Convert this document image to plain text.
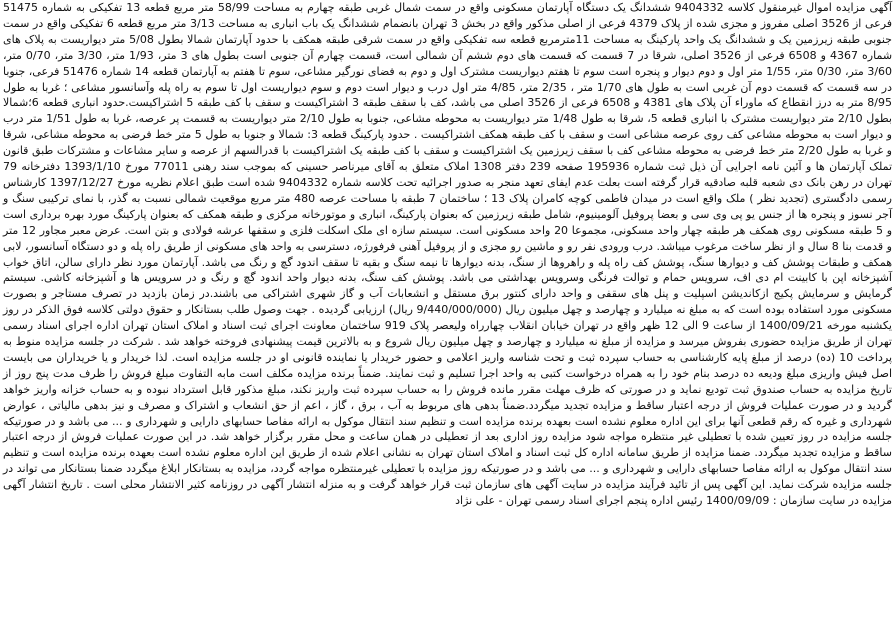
آگهی مزایده اموال غیرمنقول کلاسه 9404332 ششدانگ یک دستگاه آپارتمان مسکونی واقع در سمت شمال غربی طبقه چهارم به مساحت 58/99 متر مربع قطعه 13 تفکیکی به شماره 51475 فرعی از 3526 اصلی مفروز و مجزی شده از پلاک 4379 فرعی از اصلی مذکور واقع در بخش 3 تهران بانضمام ششدانگ یک باب انباری به مساحت 3/13 متر مربع قطعه 6 تفکیکی واقع در سمت جنوبی طبقه زیرزمین یک و ششدانگ یک واحد پارکینگ به مساحت 11مترمربع قطعه سه تفکیکی واقع در سمت شرقی طبقه همکف با حدود آپارتمان شمالا بطول 5/08 متر دیواریست به پلاک های شماره 4367 و 6508 فرعی از 3526 اصلی، شرقا در 7 قسمت که قسمت های دوم ششم آن شمالی است، قسمت چهارم آن جنوبی است بطول های 3 متر، 1/93 متر، 3/30 متر، 0/70 متر، 3/60 متر، 0/30 متر، 1/55 متر اول و دوم دیوار و پنجره است سوم تا هفتم دیواریست مشترک اول و دوم به فضای نورگیر مشاعی، سوم تا هفتم به آپارتمان قطعه 14 شماره 51476 فرعی، جنوبا در سه قسمت که قسمت دوم آن غربی است به طول های 1/70 متر ، 2/35 متر، 4/85 متر اول درب و دیوار است دوم و سوم دیواریست اول تا سوم به راه پله وآسانسور مشاعی ؛ غربا به طول 8/95 متر به درز انقطاع که ماوراء آن پلاک های 4381 و 6508 فرعی از 3526 اصلی می باشد، کف با سقف طبقه 3 اشتراکیست و سقف با کف طبقه 5 اشتراکیست.حدود انباری قطعه 6؛شمالا بطول 2/10 متر دیواریست مشترک با انباری قطعه 5، شرقا به طول 1/48 متر دیواریست به محوطه مشاعی، جنوبا به طول 2/10 متر دیواریست به قسمت پر عرصه، غربا به طول 1/51 متر درب و دیوار است به محوطه مشاعی کف روی عرصه مشاعی است و سقف با کف طبقه همکف اشتراکیست . حدود پارکینگ قطعه 3: شمالا و جنوبا به طول 5 متر خط فرضی به محوطه مشاعی، شرقا و غربا به طول 2/20 متر خط فرضی به محوطه مشاعی کف با سقف زیرزمین یک اشتراکیست و سقف با کف طبقه یک اشتراکیست با قدرالسهم از عرصه و سایر مشاعات و مشترکات طبق قانون تملک آپارتمان ها و آئین نامه اجرایی آن ذیل ثبت شماره 195936 صفحه 239 دفتر 1308 املاک متعلق به آقای میرناصر حسینی که بموجب سند رهنی 77011 مورخ 1393/1/10 دفترخانه 79 تهران در رهن بانک دی شعبه قلبه صادقیه قرار گرفته است بعلت عدم ایفای تعهد منجر به صدور اجرائیه تحت کلاسه شماره 9404332 شده است طبق اعلام نظریه مورخ 1397/12/27 کارشناس رسمی دادگستری (تجدید نظر ) ملک واقع است در میدان فاطمی کوچه کامران پلاک 13 ؛ ساختمان 7 طبقه با مساحت عرصه 480 متر مربع موقعیت شمالی نسبت به گذر، با نمای ترکیبی سنگ و آجر نسوز و پنجره ها از جنس یو پی وی سی و بعضا پروفیل آلومینیوم، شامل طبقه زیرزمین که بعنوان پارکینگ، انباری و موتورخانه مرکزی و طبقه همکف که بعنوان پارکینگ مورد بهره برداری است و 5 طبقه مسکونی روی همکف هر طبقه چهار واحد مسکونی، مجموعا 20 واحد مسکونی است. سیستم سازه ای ملک اسکلت فلزی و سقفها عرشه فولادی و بتن است. عرض معبر مجاور 12 متر و قدمت بنا 8 سال و از نظر ساخت مرغوب میباشد. درب ورودی نفر رو و ماشین رو مجزی و از پروفیل آهنی فرفورژه، دسترسی به واحد های مسکونی از طریق راه پله و دو دستگاه آسانسور، لابی همکف و طبقات پوشش کف و دیوارها سنگ، پوشش کف راه پله و راهروها از سنگ، بدنه دیوارها تا نیمه سنگ و بقیه تا سقف اندود گچ و رنگ می باشد. آپارتمان مورد نظر دارای سالن، اتاق خواب آشپزخانه اپن با کابینت ام دی اف، سرویس حمام و توالت فرنگی وسرویس بهداشتی می باشد. پوشش کف سنگ، بدنه دیوار واحد اندود گچ و رنگ و در سرویس ها و آشپزخانه کاشی. سیستم گرمایش و سرمایش پکیج ازکاندیشن اسپلیت و پنل های سقفی و واحد دارای کنتور برق مستقل و انشعابات آب و گاز شهری اشتراکی می باشند.در زمان بازدید در تصرف مستاجر و بصورت مسکونی مورد استفاده بوده است که به مبلغ نه میلیارد و چهارصد و چهل میلیون ریال (9/440/000/000 ریال) ارزیابی گردیده . جهت وصول طلب بستانکار و حقوق دولتی کلاسه فوق الذکر در روز یکشنبه مورخه 1400/09/21 از ساعت 9 الی 12 ظهر واقع در تهران خیابان انقلاب چهارراه ولیعصر پلاک 919 ساختمان معاونت اجرای ثبت اسناد و املاک استان تهران اداره اجرای اسناد رسمی تهران از طریق مزایده حضوری بفروش میرسد و مزایده از مبلغ نه میلیارد و چهارصد و چهل میلیون ریال شروع و به بالاترین قیمت پیشنهادی فروخته خواهد شد . شرکت در جلسه مزایده منوط به پرداخت 10 (ده) درصد از مبلغ پایه کارشناسی به حساب سپرده ثبت و تحت شناسه واریز اعلامی و حضور خریدار یا نماینده قانونی او در جلسه مزایده است. لذا خریدار و یا خریداران می بایست اصل فیش واریزی مبلغ ودیعه ده درصد بنام خود را به همراه درخواست کتبی به واحد اجرا تسلیم و ثبت نمایند. ضمناً برنده مزایده مکلف است مابه التفاوت مبلغ فروش را ظرف مدت پنج روز از تاریخ مزایده به حساب صندوق ثبت تودیع نماید و در صورتی که ظرف مهلت مقرر مانده فروش را به حساب سپرده ثبت واریز نکند، مبلغ مذکور قابل استرداد نبوده و به حساب خزانه واریز خواهد گردید و در صورت عملیات فروش از درجه اعتبار ساقط و مزایده تجدید میگردد.ضمناً بدهی های مربوط به آب ، برق ، گاز ، اعم از حق انشعاب و اشتراک و مصرف و نیز بدهی مالیاتی ، عوارض شهرداری و غیره که رقم قطعی آنها برای این اداره معلوم نشده است بعهده برنده مزایده است و تنظیم سند انتقال موکول به ارائه مفاصا حسابهای دارایی و شهرداری و ... می باشد و در صورتیکه جلسه مزایده در روز تعیین شده با تعطیلی غیر منتظره مواجه شود مزایده روز اداری بعد از تعطیلی در همان ساعت و محل مقرر برگزار خواهد شد. در این صورت عملیات فروش از درجه اعتبار ساقط و مزایده تجدید میگردد. ضمنا مزایده از طریق سامانه اداره کل ثبت اسناد و املاک استان تهران به نشانی اعلام شده از طریق این اداره معلوم نشده است بعهده برنده مزایده است و تنظیم سند انتقال موکول به ارائه مفاصا حسابهای دارایی و شهرداری و ... می باشد و در صورتیکه روز مزایده با تعطیلی غیرمنتظره مواجه گردد، مزایده به بستانکار ابلاغ میگردد ضمنا بستانکار می تواند در جلسه مزایده شرکت نماید. این آگهی پس از تائید فرآیند مزایده در سایت آگهی های سازمان ثبت قرار خواهد گرفت و به منزله انتشار آگهی در روزنامه کثیر الانتشار محلی است . تاریخ انتشار آگهی مزایده در سایت سازمان : 1400/09/09 رئیس اداره پنجم اجرای اسناد رسمی تهران - علی نژاد
